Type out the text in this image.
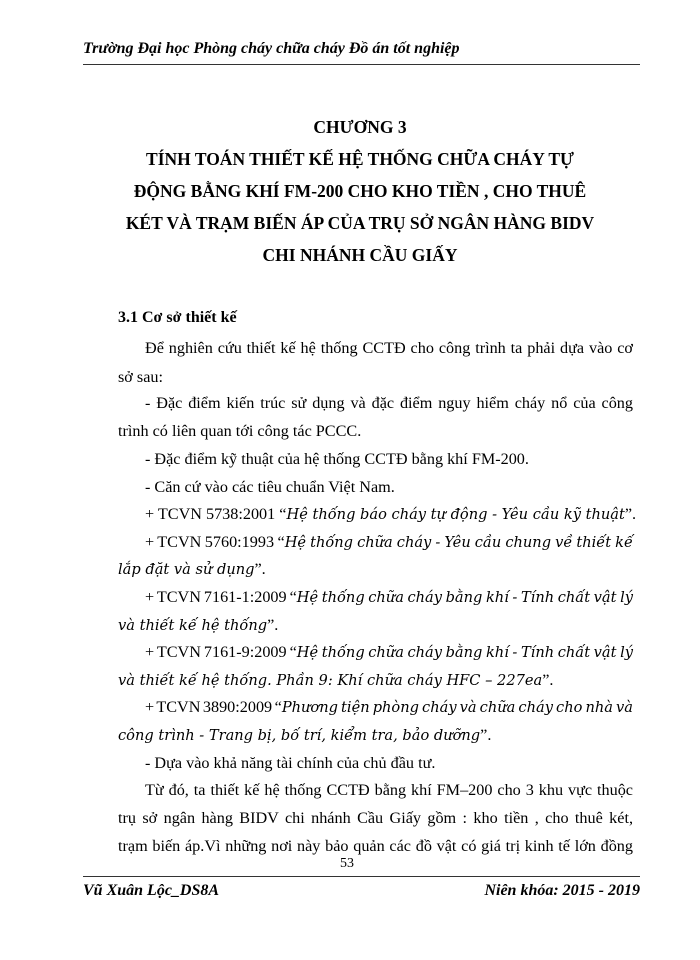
Trường Đại học Phòng cháy chữa cháy Đồ án tốt nghiệp
CHƯƠNG 3
TÍNH TOÁN THIẾT KẾ HỆ THỐNG CHỮA CHÁY TỰ
ĐỘNG BẰNG KHÍ FM-200 CHO KHO TIỀN , CHO THUÊ
KÉT VÀ TRẠM BIẾN ÁP CỦA TRỤ SỞ NGÂN HÀNG BIDV
CHI NHÁNH CẦU GIẤY
3.1 Cơ sở thiết kế
Để nghiên cứu thiết kế hệ thống CCTĐ cho công trình ta phải dựa vào cơ
sở sau:
- Đặc điểm kiến trúc sử dụng và đặc điểm nguy hiểm cháy nổ của công
trình có liên quan tới công tác PCCC.
- Đặc điểm kỹ thuật của hệ thống CCTĐ bằng khí FM-200.
- Căn cứ vào các tiêu chuẩn Việt Nam.
+ TCVN 5738:2001 “Hệ thống báo cháy tự động - Yêu cầu kỹ thuật”.
+ TCVN 5760:1993 “Hệ thống chữa cháy - Yêu cầu chung về thiết kế
lắp đặt và sử dụng”.
+ TCVN 7161-1:2009 “Hệ thống chữa cháy bằng khí - Tính chất vật lý
và thiết kế hệ thống”.
+ TCVN 7161-9:2009 “Hệ thống chữa cháy bằng khí - Tính chất vật lý
và thiết kế hệ thống. Phần 9: Khí chữa cháy HFC – 227ea”.
+ TCVN 3890:2009 “Phương tiện phòng cháy và chữa cháy cho nhà và
công trình - Trang bị, bố trí, kiểm tra, bảo dưỡng”.
- Dựa vào khả năng tài chính của chủ đầu tư.
Từ đó, ta thiết kế hệ thống CCTĐ bằng khí FM–200 cho 3 khu vực thuộc
trụ sở ngân hàng BIDV chi nhánh Cầu Giấy gồm : kho tiền , cho thuê két,
trạm biến áp.Vì những nơi này bảo quản các đồ vật có giá trị kinh tế lớn đồng
53
Vũ Xuân Lộc_DS8A	Niên khóa: 2015 - 2019
